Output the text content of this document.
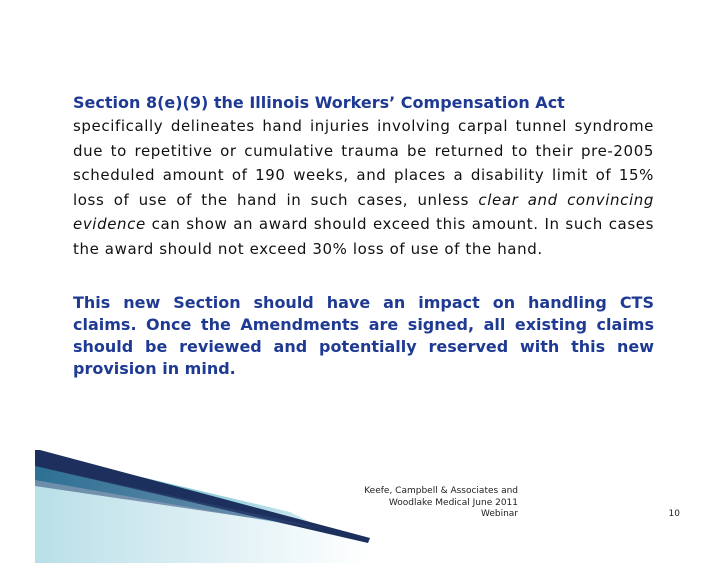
Section 8(e)(9) the Illinois Workers’ Compensation Act

specifically delineates hand injuries involving carpal tunnel syndrome due to repetitive or cumulative trauma be returned to their pre-2005 scheduled amount of 190 weeks, and places a disability limit of 15% loss of use of the hand in such cases, unless clear and convincing evidence can show an award should exceed this amount. In such cases the award should not exceed 30% loss of use of the hand.

This new Section should have an impact on handling CTS claims. Once the Amendments are signed, all existing claims should be reviewed and potentially reserved with this new provision in mind.

Keefe, Campbell & Associates and
Woodlake Medical June 2011
Webinar	10
